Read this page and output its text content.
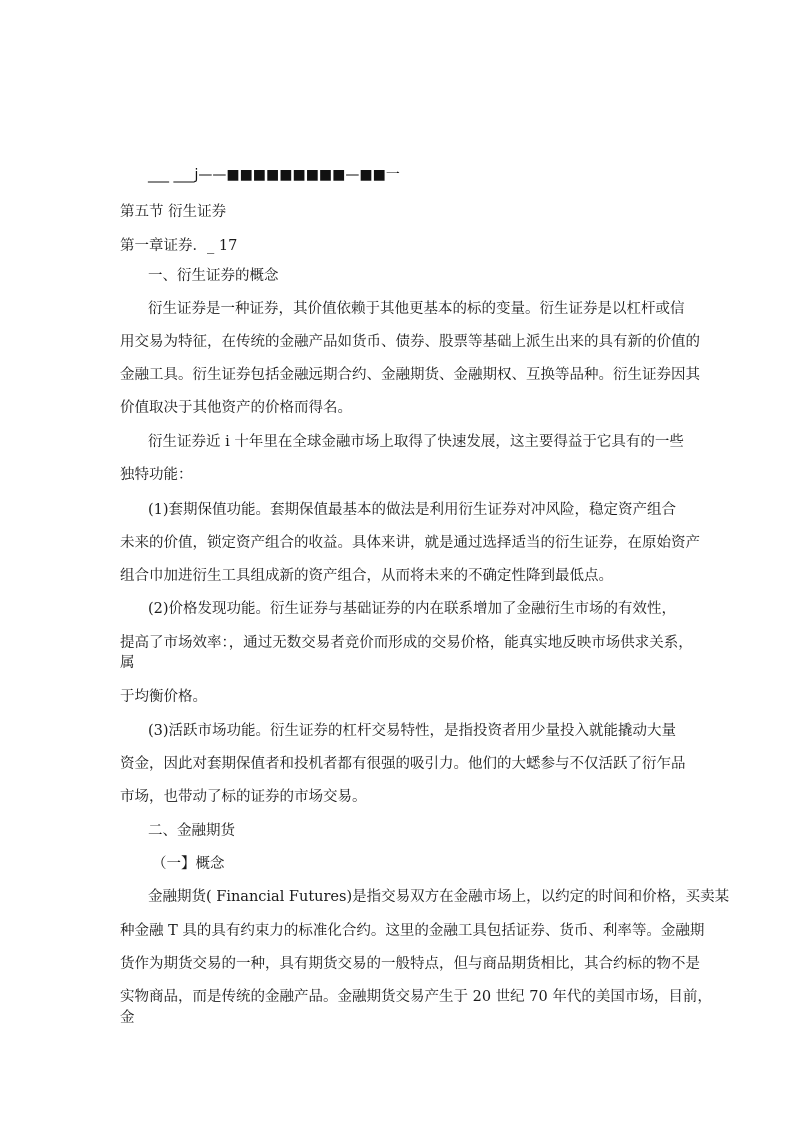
___ ___j——■■■■■■■■■—■■一
第五节 衍生证券
第一章证券．_ 17
一、衍生证券的概念
衍生证券是一种证券，其价值依赖于其他更基本的标的变量。衍生证券是以杠杆或信
用交易为特征，在传统的金融产品如货币、债券、股票等基础上派生出来的具有新的价值的
金融工具。衍生证券包括金融远期合约、金融期货、金融期权、互换等品种。衍生证券因其
价值取决于其他资产的价格而得名。
衍生证券近 i 十年里在全球金融市场上取得了快速发展，这主要得益于它具有的一些
独特功能：
(1)套期保值功能。套期保值最基本的做法是利用衍生证券对冲风险，稳定资产组合
未来的价值，锁定资产组合的收益。具体来讲，就是通过选择适当的衍生证券，在原始资产
组合巾加进衍生工具组成新的资产组合，从而将未来的不确定性降到最低点。
(2)价格发现功能。衍生证券与基础证券的内在联系增加了金融衍生市场的有效性，
提高了市场效率：，通过无数交易者竞价而形成的交易价格，能真实地反映市场供求关系，
属
于均衡价格。
(3)活跃市场功能。衍生证券的杠杆交易特性，是指投资者用少量投入就能撬动大量
资金，因此对套期保值者和投机者都有很强的吸引力。他们的大蟋参与不仅活跃了衍乍品
市场，也带动了标的证券的市场交易。
二、金融期货
（一】概念
金融期货( Financial Futures)是指交易双方在金融市场上，以约定的时间和价格，买卖某
种金融 T 具的具有约束力的标准化合约。这里的金融工具包括证券、货币、利率等。金融期
货作为期货交易的一种，具有期货交易的一般特点，但与商品期货相比，其合约标的物不是
实物商品，而是传统的金融产品。金融期货交易产生于 20 世纪 70 年代的美国市场，目前，
金
